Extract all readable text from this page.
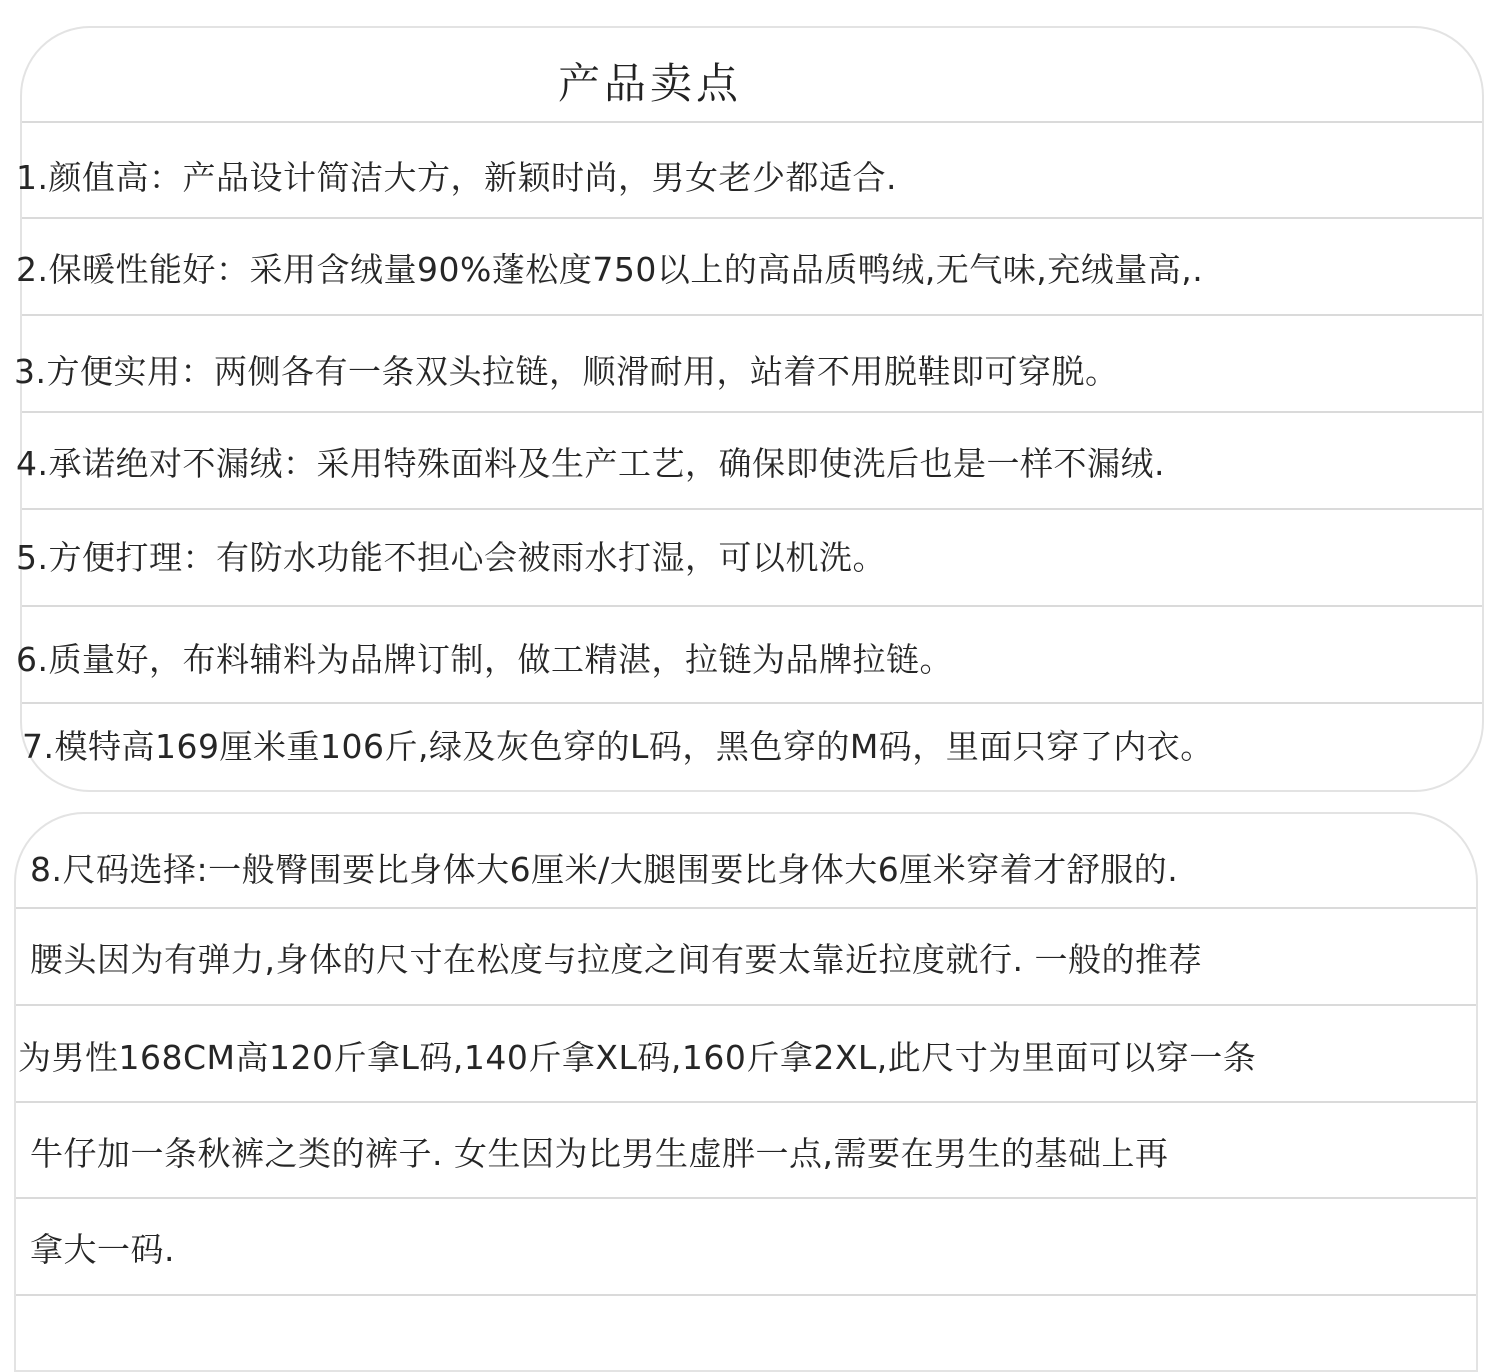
产品卖点
1.颜值高：产品设计简洁大方，新颖时尚，男女老少都适合.
2.保暖性能好：采用含绒量90%蓬松度750以上的高品质鸭绒,无气味,充绒量高,.
3.方便实用：两侧各有一条双头拉链，顺滑耐用，站着不用脱鞋即可穿脱。
4.承诺绝对不漏绒：采用特殊面料及生产工艺，确保即使洗后也是一样不漏绒.
5.方便打理：有防水功能不担心会被雨水打湿，可以机洗。
6.质量好，布料辅料为品牌订制，做工精湛，拉链为品牌拉链。
7.模特高169厘米重106斤,绿及灰色穿的L码，黑色穿的M码，里面只穿了内衣。
8.尺码选择:一般臀围要比身体大6厘米/大腿围要比身体大6厘米穿着才舒服的.
腰头因为有弹力,身体的尺寸在松度与拉度之间有要太靠近拉度就行. 一般的推荐
为男性168CM高120斤拿L码,140斤拿XL码,160斤拿2XL,此尺寸为里面可以穿一条
牛仔加一条秋裤之类的裤子. 女生因为比男生虚胖一点,需要在男生的基础上再
拿大一码.
